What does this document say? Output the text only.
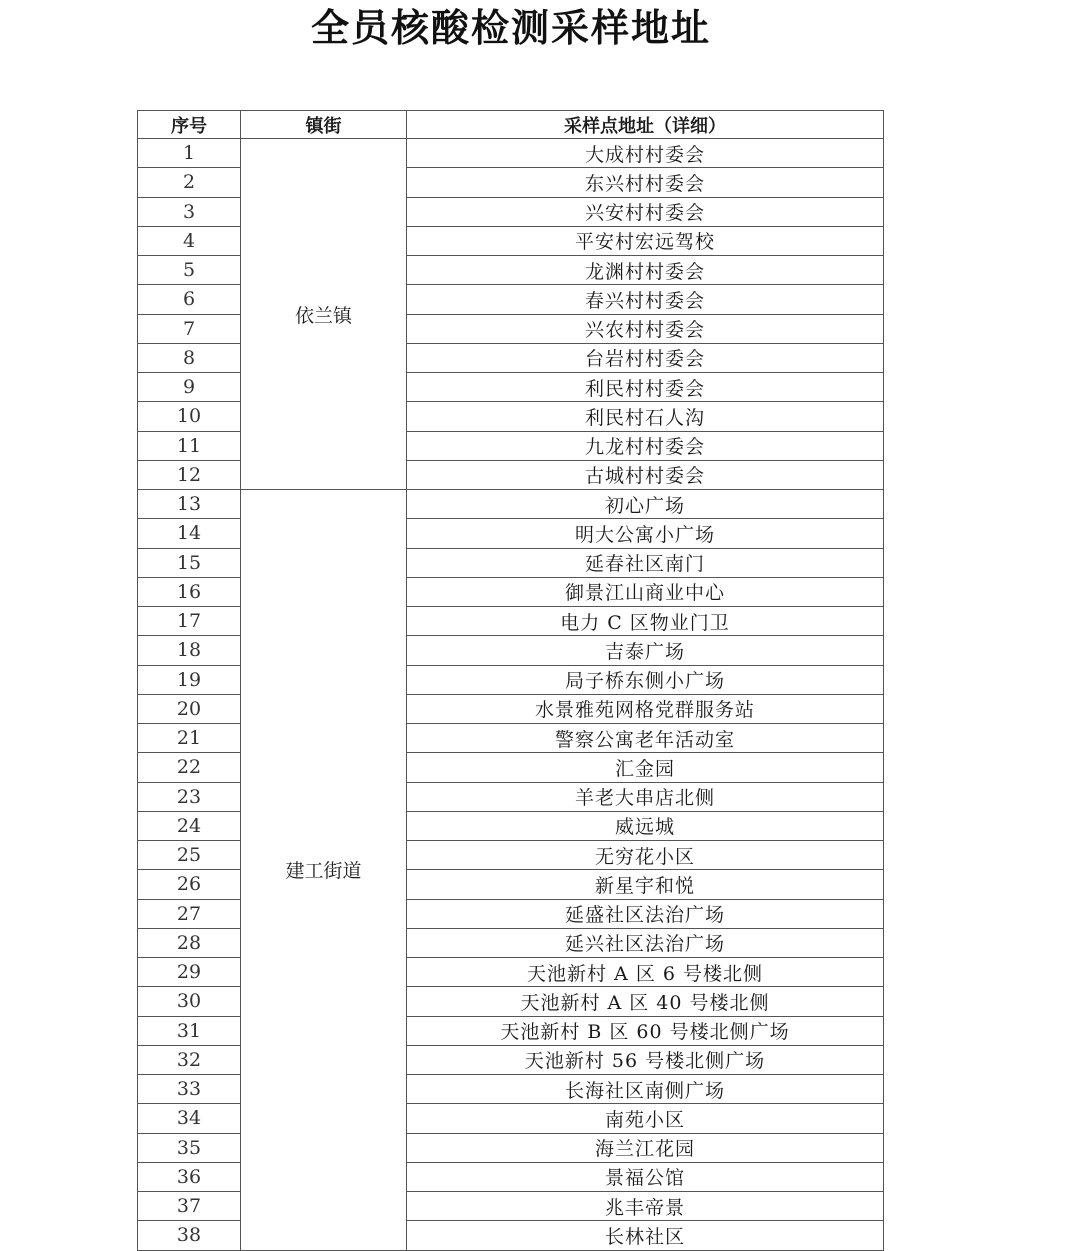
全员核酸检测采样地址
序号	镇街	采样点地址（详细）
1	依兰镇	大成村村委会
2		东兴村村委会
3		兴安村村委会
4		平安村宏远驾校
5		龙渊村村委会
6		春兴村村委会
7		兴农村村委会
8		台岩村村委会
9		利民村村委会
10		利民村石人沟
11		九龙村村委会
12		古城村村委会
13	建工街道	初心广场
14		明大公寓小广场
15		延春社区南门
16		御景江山商业中心
17		电力 C 区物业门卫
18		吉泰广场
19		局子桥东侧小广场
20		水景雅苑网格党群服务站
21		警察公寓老年活动室
22		汇金园
23		羊老大串店北侧
24		威远城
25		无穷花小区
26		新星宇和悦
27		延盛社区法治广场
28		延兴社区法治广场
29		天池新村 A 区 6 号楼北侧
30		天池新村 A 区 40 号楼北侧
31		天池新村 B 区 60 号楼北侧广场
32		天池新村 56 号楼北侧广场
33		长海社区南侧广场
34		南苑小区
35		海兰江花园
36		景福公馆
37		兆丰帝景
38		长林社区
